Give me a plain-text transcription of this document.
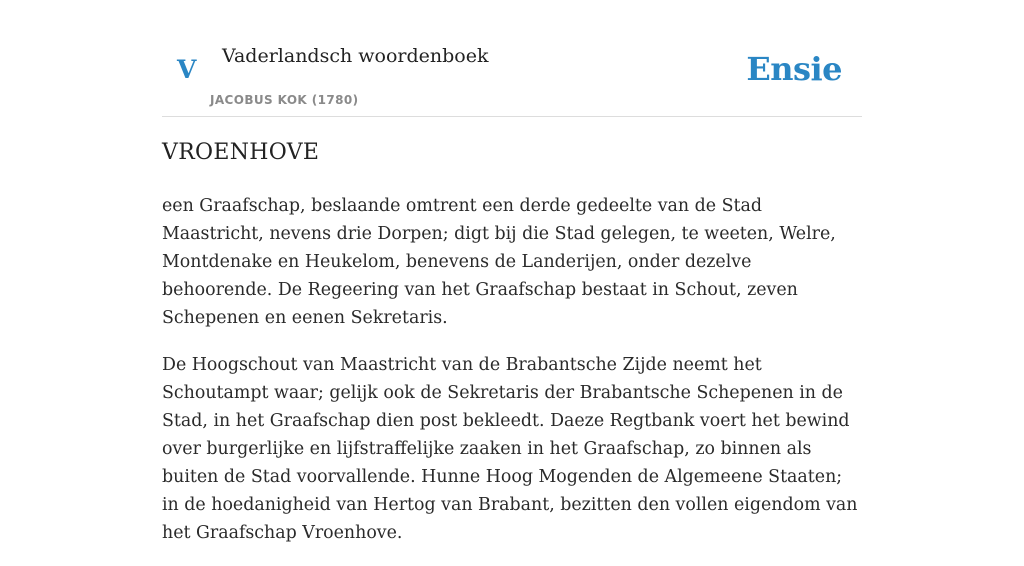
V Vaderlandsch woordenboek
JACOBUS KOK (1780)
Ensie
VROENHOVE

een Graafschap, beslaande omtrent een derde gedeelte van de Stad Maastricht, nevens drie Dorpen; digt bij die Stad gelegen, te weeten, Welre, Montdenake en Heukelom, benevens de Landerijen, onder dezelve behoorende. De Regeering van het Graafschap bestaat in Schout, zeven Schepenen en eenen Sekretaris.

De Hoogschout van Maastricht van de Brabantsche Zijde neemt het Schoutampt waar; gelijk ook de Sekretaris der Brabantsche Schepenen in de Stad, in het Graafschap dien post bekleedt. Daeze Regtbank voert het bewind over burgerlijke en lijfstraffelijke zaaken in het Graafschap, zo binnen als buiten de Stad voorvallende. Hunne Hoog Mogenden de Algemeene Staaten; in de hoedanigheid van Hertog van Brabant, bezitten den vollen eigendom van het Graafschap Vroenhove.
